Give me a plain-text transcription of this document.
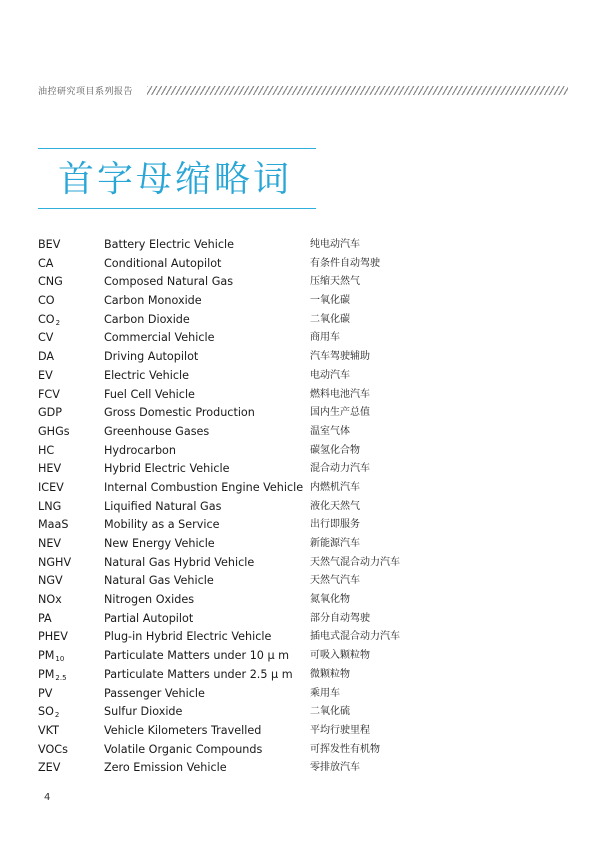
油控研究项目系列报告
首字母缩略词
BEV	Battery Electric Vehicle	纯电动汽车
CA	Conditional Autopilot	有条件自动驾驶
CNG	Composed Natural Gas	压缩天然气
CO	Carbon Monoxide	一氧化碳
CO2	Carbon Dioxide	二氧化碳
CV	Commercial Vehicle	商用车
DA	Driving Autopilot	汽车驾驶辅助
EV	Electric Vehicle	电动汽车
FCV	Fuel Cell Vehicle	燃料电池汽车
GDP	Gross Domestic Production	国内生产总值
GHGs	Greenhouse Gases	温室气体
HC	Hydrocarbon	碳氢化合物
HEV	Hybrid Electric Vehicle	混合动力汽车
ICEV	Internal Combustion Engine Vehicle 内燃机汽车
LNG	Liquified Natural Gas	液化天然气
MaaS	Mobility as a Service	出行即服务
NEV	New Energy Vehicle	新能源汽车
NGHV	Natural Gas Hybrid Vehicle	天然气混合动力汽车
NGV	Natural Gas Vehicle	天然气汽车
NOx	Nitrogen Oxides	氮氧化物
PA	Partial Autopilot	部分自动驾驶
PHEV	Plug-in Hybrid Electric Vehicle	插电式混合动力汽车
PM10	Particulate Matters under 10 μ m 可吸入颗粒物
PM2.5	Particulate Matters under 2.5 μ m 微颗粒物
PV	Passenger Vehicle	乘用车
SO2	Sulfur Dioxide	二氧化硫
VKT	Vehicle Kilometers Travelled	平均行驶里程
VOCs	Volatile Organic Compounds	可挥发性有机物
ZEV	Zero Emission Vehicle	零排放汽车
4
